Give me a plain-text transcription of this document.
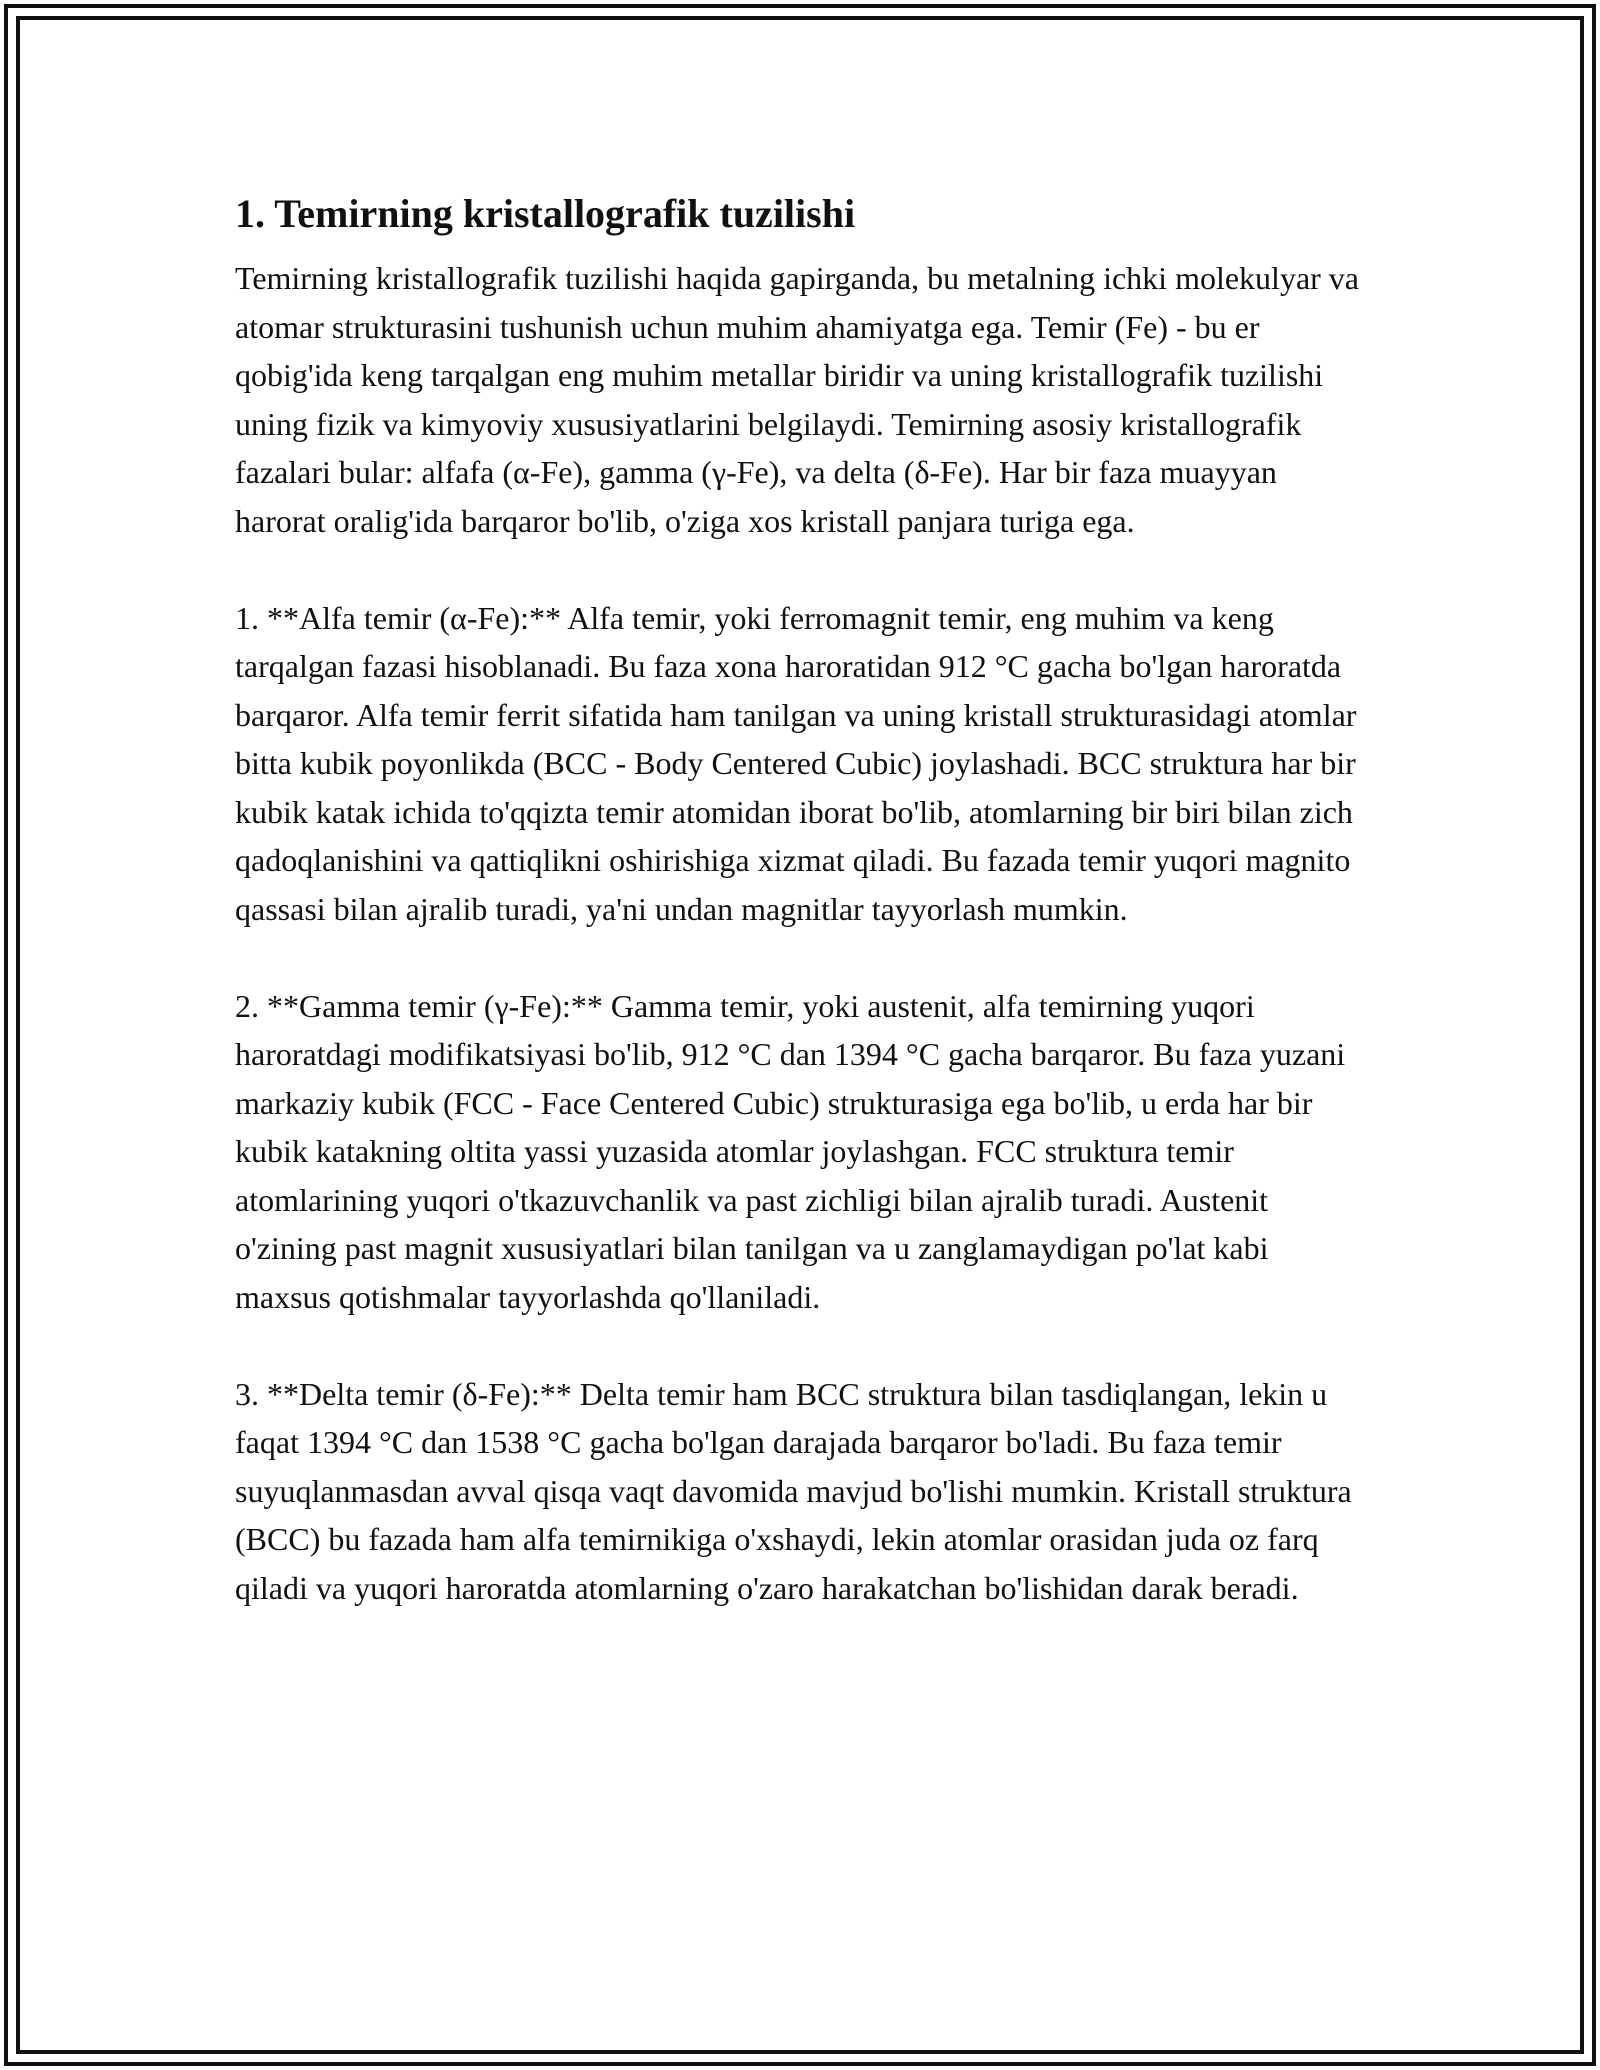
1. Temirning kristallografik tuzilishi

Temirning kristallografik tuzilishi haqida gapirganda, bu metalning ichki molekulyar va atomar strukturasini tushunish uchun muhim ahamiyatga ega. Temir (Fe) - bu er qobig'ida keng tarqalgan eng muhim metallar biridir va uning kristallografik tuzilishi uning fizik va kimyoviy xususiyatlarini belgilaydi. Temirning asosiy kristallografik fazalari bular: alfafa (α-Fe), gamma (γ-Fe), va delta (δ-Fe). Har bir faza muayyan harorat oralig'ida barqaror bo'lib, o'ziga xos kristall panjara turiga ega.

1. **Alfa temir (α-Fe):** Alfa temir, yoki ferromagnit temir, eng muhim va keng tarqalgan fazasi hisoblanadi. Bu faza xona haroratidan 912 °C gacha bo'lgan haroratda barqaror. Alfa temir ferrit sifatida ham tanilgan va uning kristall strukturasidagi atomlar bitta kubik poyonlikda (BCC - Body Centered Cubic) joylashadi. BCC struktura har bir kubik katak ichida to'qqizta temir atomidan iborat bo'lib, atomlarning bir biri bilan zich qadoqlanishini va qattiqlikni oshirishiga xizmat qiladi. Bu fazada temir yuqori magnito qassasi bilan ajralib turadi, ya'ni undan magnitlar tayyorlash mumkin.

2. **Gamma temir (γ-Fe):** Gamma temir, yoki austenit, alfa temirning yuqori haroratdagi modifikatsiyasi bo'lib, 912 °C dan 1394 °C gacha barqaror. Bu faza yuzani markaziy kubik (FCC - Face Centered Cubic) strukturasiga ega bo'lib, u erda har bir kubik katakning oltita yassi yuzasida atomlar joylashgan. FCC struktura temir atomlarining yuqori o'tkazuvchanlik va past zichligi bilan ajralib turadi. Austenit o'zining past magnit xususiyatlari bilan tanilgan va u zanglamaydigan po'lat kabi maxsus qotishmalar tayyorlashda qo'llaniladi.

3. **Delta temir (δ-Fe):** Delta temir ham BCC struktura bilan tasdiqlangan, lekin u faqat 1394 °C dan 1538 °C gacha bo'lgan darajada barqaror bo'ladi. Bu faza temir suyuqlanmasdan avval qisqa vaqt davomida mavjud bo'lishi mumkin. Kristall struktura (BCC) bu fazada ham alfa temirnikiga o'xshaydi, lekin atomlar orasidan juda oz farq qiladi va yuqori haroratda atomlarning o'zaro harakatchan bo'lishidan darak beradi.
